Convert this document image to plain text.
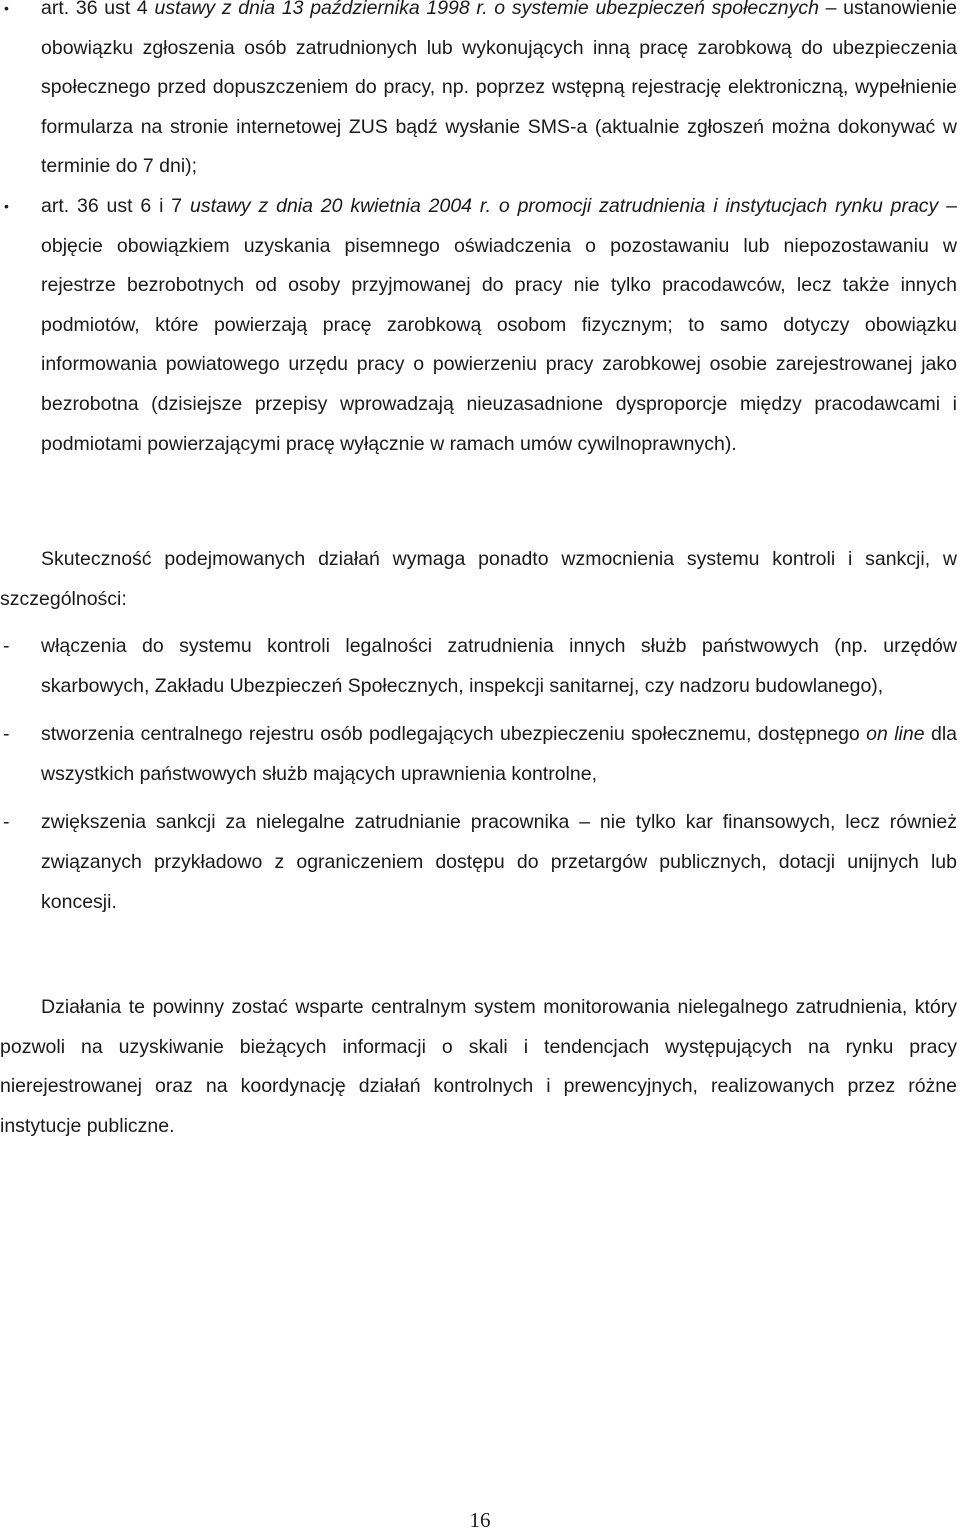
• art. 36 ust 4 ustawy z dnia 13 października 1998 r. o systemie ubezpieczeń społecznych – ustanowienie obowiązku zgłoszenia osób zatrudnionych lub wykonujących inną pracę zarobkową do ubezpieczenia społecznego przed dopuszczeniem do pracy, np. poprzez wstępną rejestrację elektroniczną, wypełnienie formularza na stronie internetowej ZUS bądź wysłanie SMS-a (aktualnie zgłoszeń można dokonywać w terminie do 7 dni);
• art. 36 ust 6 i 7 ustawy z dnia 20 kwietnia 2004 r. o promocji zatrudnienia i instytucjach rynku pracy – objęcie obowiązkiem uzyskania pisemnego oświadczenia o pozostawaniu lub niepozostawaniu w rejestrze bezrobotnych od osoby przyjmowanej do pracy nie tylko pracodawców, lecz także innych podmiotów, które powierzają pracę zarobkową osobom fizycznym; to samo dotyczy obowiązku informowania powiatowego urzędu pracy o powierzeniu pracy zarobkowej osobie zarejestrowanej jako bezrobotna (dzisiejsze przepisy wprowadzają nieuzasadnione dysproporcje między pracodawcami i podmiotami powierzającymi pracę wyłącznie w ramach umów cywilnoprawnych).
Skuteczność podejmowanych działań wymaga ponadto wzmocnienia systemu kontroli i sankcji, w szczególności:
- włączenia do systemu kontroli legalności zatrudnienia innych służb państwowych (np. urzędów skarbowych, Zakładu Ubezpieczeń Społecznych, inspekcji sanitarnej, czy nadzoru budowlanego),
- stworzenia centralnego rejestru osób podlegających ubezpieczeniu społecznemu, dostępnego on line dla wszystkich państwowych służb mających uprawnienia kontrolne,
- zwiększenia sankcji za nielegalne zatrudnianie pracownika – nie tylko kar finansowych, lecz również związanych przykładowo z ograniczeniem dostępu do przetargów publicznych, dotacji unijnych lub koncesji.
Działania te powinny zostać wsparte centralnym system monitorowania nielegalnego zatrudnienia, który pozwoli na uzyskiwanie bieżących informacji o skali i tendencjach występujących na rynku pracy nierejestrowanej oraz na koordynację działań kontrolnych i prewencyjnych, realizowanych przez różne instytucje publiczne.
16
